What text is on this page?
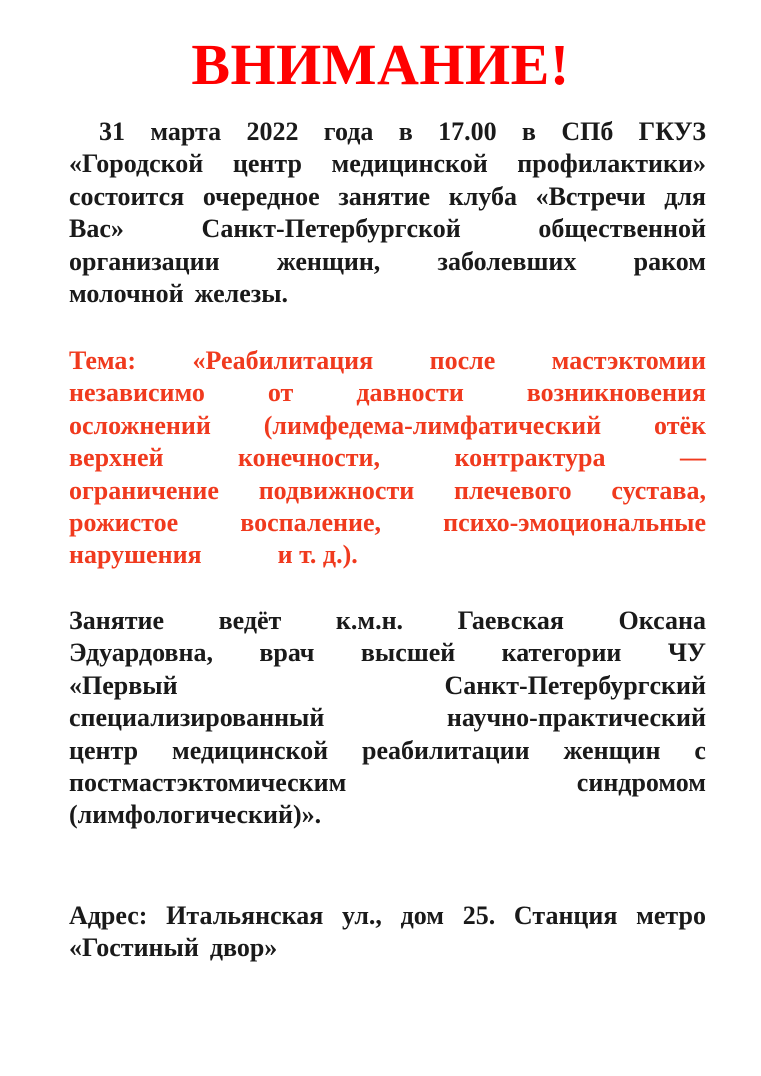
ВНИМАНИЕ!
31 марта 2022 года в 17.00 в СПб ГКУЗ
«Городской центр медицинской профилактики»
состоится очередное занятие клуба «Встречи для
Вас»	Санкт-Петербургской	общественной
организации женщин, заболевших раком
молочной железы.
Тема: «Реабилитация после мастэктомии
независимо от давности возникновения
осложнений (лимфедема-лимфатический отёк
верхней	конечности,	контрактура	—
ограничение подвижности плечевого сустава,
рожистое воспаление, психо-эмоциональные
нарушения	и т. д.).
Занятие ведёт к.м.н. Гаевская Оксана
Эдуардовна, врач высшей категории ЧУ
«Первый	Санкт-Петербургский
специализированный	научно-практический
центр медицинской реабилитации женщин с
постмастэктомическим	синдромом
(лимфологический)».
Адрес: Итальянская ул., дом 25. Станция метро
«Гостиный двор»
